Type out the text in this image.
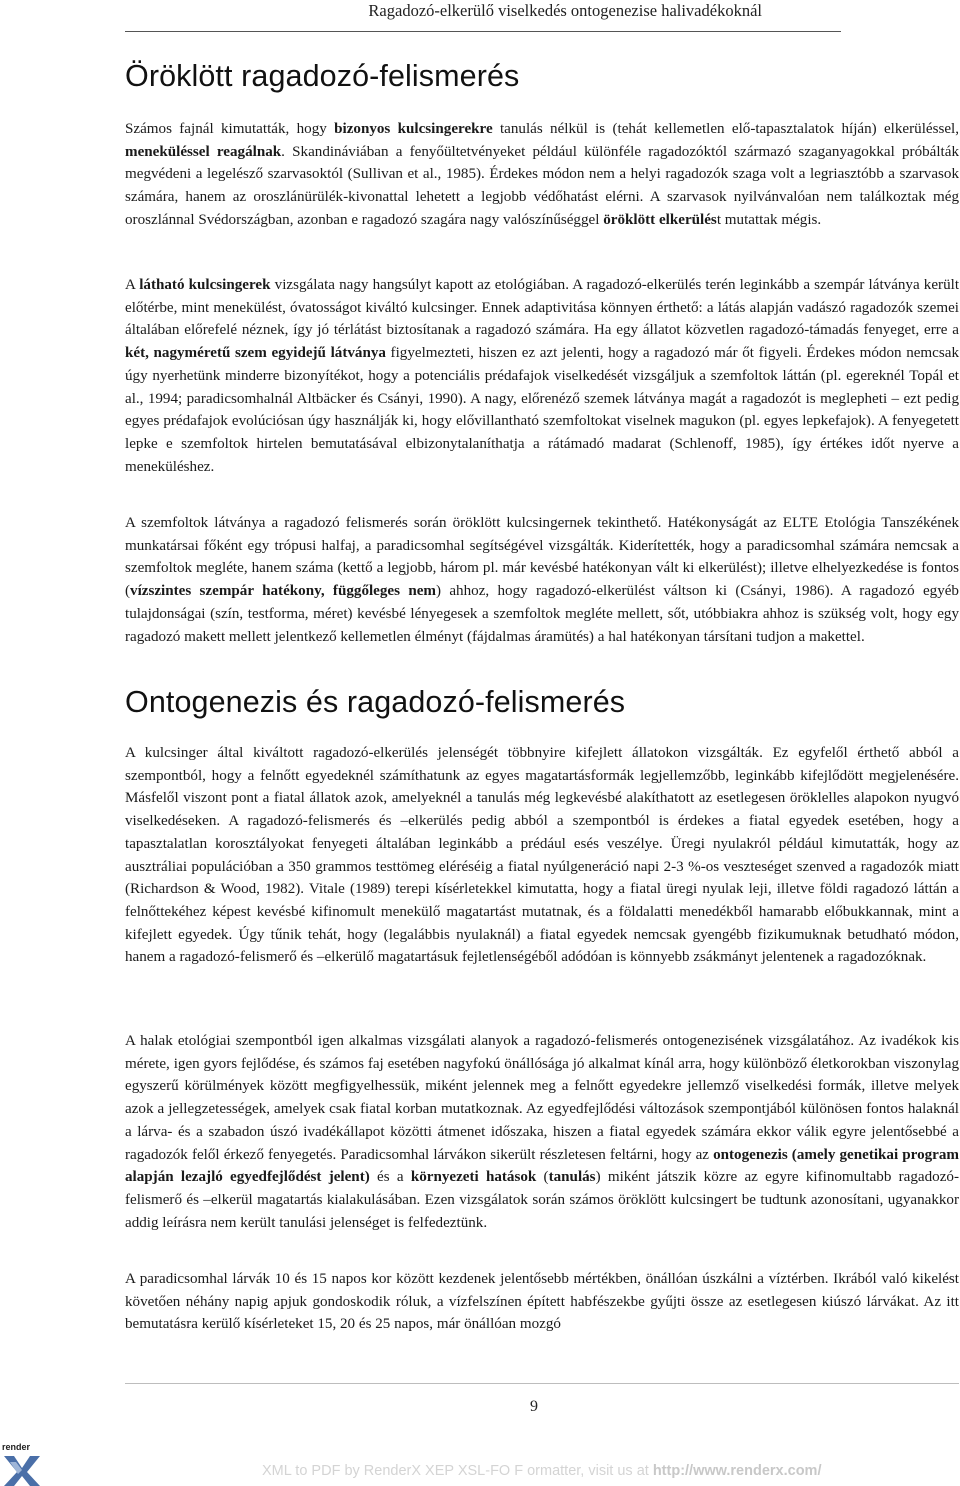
Ragadozó-elkerülő viselkedés ontogenezise halivadékoknál
Öröklött ragadozó-felismerés

Számos fajnál kimutatták, hogy bizonyos kulcsingerekre tanulás nélkül is (tehát kellemetlen elő-tapasztalatok híján) elkerüléssel, meneküléssel reagálnak. Skandináviában a fenyőültetvényeket például különféle ragadozóktól származó szaganyagokkal próbálták megvédeni a legelésző szarvasoktól (Sullivan et al., 1985). Érdekes módon nem a helyi ragadozók szaga volt a legriasztóbb a szarvasok számára, hanem az oroszlánürülék-kivonattal lehetett a legjobb védőhatást elérni. A szarvasok nyilvánvalóan nem találkoztak még oroszlánnal Svédországban, azonban e ragadozó szagára nagy valószínűséggel öröklött elkerülést mutattak mégis.

A látható kulcsingerek vizsgálata nagy hangsúlyt kapott az etológiában. A ragadozó-elkerülés terén leginkább a szempár látványa került előtérbe, mint menekülést, óvatosságot kiváltó kulcsinger. Ennek adaptivitása könnyen érthető: a látás alapján vadászó ragadozók szemei általában előrefelé néznek, így jó térlátást biztosítanak a ragadozó számára. Ha egy állatot közvetlen ragadozó-támadás fenyeget, erre a két, nagyméretű szem egyidejű látványa figyelmezteti, hiszen ez azt jelenti, hogy a ragadozó már őt figyeli. Érdekes módon nemcsak úgy nyerhetünk minderre bizonyítékot, hogy a potenciális prédafajok viselkedését vizsgáljuk a szemfoltok láttán (pl. egereknél Topál et al., 1994; paradicsomhalnál Altbäcker és Csányi, 1990). A nagy, előrenéző szemek látványa magát a ragadozót is meglepheti – ezt pedig egyes prédafajok evolúciósan úgy használják ki, hogy elővillantható szemfoltokat viselnek magukon (pl. egyes lepkefajok). A fenyegetett lepke e szemfoltok hirtelen bemutatásával elbizonytalaníthatja a rátámadó madarat (Schlenoff, 1985), így értékes időt nyerve a meneküléshez.

A szemfoltok látványa a ragadozó felismerés során öröklött kulcsingernek tekinthető. Hatékonyságát az ELTE Etológia Tanszékének munkatársai főként egy trópusi halfaj, a paradicsomhal segítségével vizsgálták. Kiderítették, hogy a paradicsomhal számára nemcsak a szemfoltok megléte, hanem száma (kettő a legjobb, három pl. már kevésbé hatékonyan vált ki elkerülést); illetve elhelyezkedése is fontos (vízszintes szempár hatékony, függőleges nem) ahhoz, hogy ragadozó-elkerülést váltson ki (Csányi, 1986). A ragadozó egyéb tulajdonságai (szín, testforma, méret) kevésbé lényegesek a szemfoltok megléte mellett, sőt, utóbbiakra ahhoz is szükség volt, hogy egy ragadozó makett mellett jelentkező kellemetlen élményt (fájdalmas áramütés) a hal hatékonyan társítani tudjon a makettel.

Ontogenezis és ragadozó-felismerés

A kulcsinger által kiváltott ragadozó-elkerülés jelenségét többnyire kifejlett állatokon vizsgálták. Ez egyfelől érthető abból a szempontból, hogy a felnőtt egyedeknél számíthatunk az egyes magatartásformák legjellemzőbb, leginkább kifejlődött megjelenésére. Másfelől viszont pont a fiatal állatok azok, amelyeknél a tanulás még legkevésbé alakíthatott az esetlegesen öröklelles alapokon nyugvó viselkedéseken. A ragadozó-felismerés és –elkerülés pedig abból a szempontból is érdekes a fiatal egyedek esetében, hogy a tapasztalatlan korosztályokat fenyegeti általában leginkább a prédául esés veszélye. Üregi nyulakról például kimutatták, hogy az ausztráliai populációban a 350 grammos testtömeg eléréséig a fiatal nyúlgeneráció napi 2-3 %-os veszteséget szenved a ragadozók miatt (Richardson & Wood, 1982). Vitale (1989) terepi kísérletekkel kimutatta, hogy a fiatal üregi nyulak leji, illetve földi ragadozó láttán a felnőttekéhez képest kevésbé kifinomult menekülő magatartást mutatnak, és a földalatti menedékből hamarabb előbukkannak, mint a kifejlett egyedek. Úgy tűnik tehát, hogy (legalábbis nyulaknál) a fiatal egyedek nemcsak gyengébb fizikumuknak betudható módon, hanem a ragadozó-felismerő és –elkerülő magatartásuk fejletlenségéből adódóan is könnyebb zsákmányt jelentenek a ragadozóknak.

A halak etológiai szempontból igen alkalmas vizsgálati alanyok a ragadozó-felismerés ontogenezisének vizsgálatához. Az ivadékok kis mérete, igen gyors fejlődése, és számos faj esetében nagyfokú önállósága jó alkalmat kínál arra, hogy különböző életkorokban viszonylag egyszerű körülmények között megfigyelhessük, miként jelennek meg a felnőtt egyedekre jellemző viselkedési formák, illetve melyek azok a jellegzetességek, amelyek csak fiatal korban mutatkoznak. Az egyedfejlődési változások szempontjából különösen fontos halaknál a lárva- és a szabadon úszó ivadékállapot közötti átmenet időszaka, hiszen a fiatal egyedek számára ekkor válik egyre jelentősebbé a ragadozók felől érkező fenyegetés. Paradicsomhal lárvákon sikerült részletesen feltárni, hogy az ontogenezis (amely genetikai program alapján lezajló egyedfejlődést jelent) és a környezeti hatások (tanulás) miként játszik közre az egyre kifinomultabb ragadozó-felismerő és –elkerül magatartás kialakulásában. Ezen vizsgálatok során számos öröklött kulcsingert be tudtunk azonosítani, ugyanakkor addig leírásra nem került tanulási jelenséget is felfedeztünk.

A paradicsomhal lárvák 10 és 15 napos kor között kezdenek jelentősebb mértékben, önállóan úszkálni a víztérben. Ikrából való kikelést követően néhány napig apjuk gondoskodik róluk, a vízfelszínen épített habfészekbe gyűjti össze az esetlegesen kiúszó lárvákat. Az itt bemutatásra kerülő kísérleteket 15, 20 és 25 napos, már önállóan mozgó

9
render
XML to PDF by RenderX XEP XSL-FO F ormatter, visit us at http://www.renderx.com/
